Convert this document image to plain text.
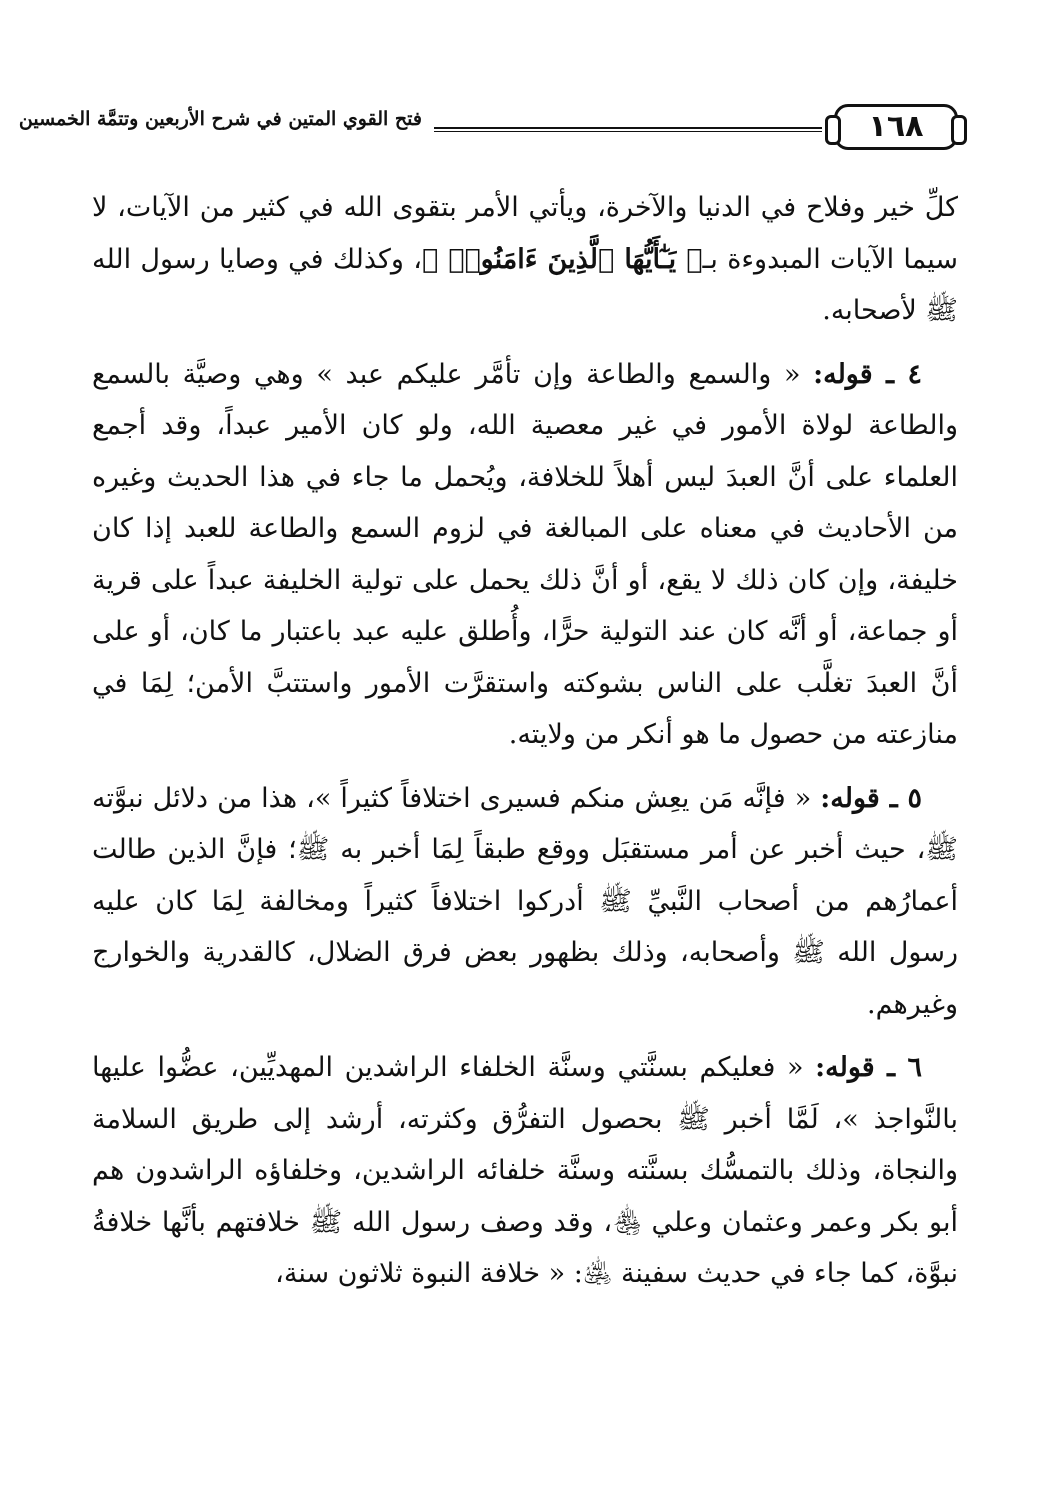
١٦٨
فتح القوي المتين في شرح الأربعين وتتمَّة الخمسين

كلِّ خير وفلاح في الدنيا والآخرة، ويأتي الأمر بتقوى الله في كثير من الآيات، لا سيما الآيات المبدوءة بـ﴿ يَـٰٓأَيُّهَا ٱلَّذِينَ ءَامَنُوا۟ ﴾، وكذلك في وصايا رسول الله ﷺ لأصحابه.

٤ ـ قوله: « والسمع والطاعة وإن تأمَّر عليكم عبد » وهي وصيَّة بالسمع والطاعة لولاة الأمور في غير معصية الله، ولو كان الأمير عبداً، وقد أجمع العلماء على أنَّ العبدَ ليس أهلاً للخلافة، ويُحمل ما جاء في هذا الحديث وغيره من الأحاديث في معناه على المبالغة في لزوم السمع والطاعة للعبد إذا كان خليفة، وإن كان ذلك لا يقع، أو أنَّ ذلك يحمل على تولية الخليفة عبداً على قرية أو جماعة، أو أنَّه كان عند التولية حرًّا، وأُطلق عليه عبد باعتبار ما كان، أو على أنَّ العبدَ تغلَّب على الناس بشوكته واستقرَّت الأمور واستتبَّ الأمن؛ لِمَا في منازعته من حصول ما هو أنكر من ولايته.

٥ ـ قوله: « فإنَّه مَن يعِش منكم فسيرى اختلافاً كثيراً »، هذا من دلائل نبوَّته ﷺ، حيث أخبر عن أمر مستقبَل ووقع طبقاً لِمَا أخبر به ﷺ؛ فإنَّ الذين طالت أعمارُهم من أصحاب النَّبيِّ ﷺ أدركوا اختلافاً كثيراً ومخالفة لِمَا كان عليه رسول الله ﷺ وأصحابه، وذلك بظهور بعض فرق الضلال، كالقدرية والخوارج وغيرهم.

٦ ـ قوله: « فعليكم بسنَّتي وسنَّة الخلفاء الراشدين المهديِّين، عضُّوا عليها بالنَّواجذ »، لَمَّا أخبر ﷺ بحصول التفرُّق وكثرته، أرشد إلى طريق السلامة والنجاة، وذلك بالتمسُّك بسنَّته وسنَّة خلفائه الراشدين، وخلفاؤه الراشدون هم أبو بكر وعمر وعثمان وعلي ﵃، وقد وصف رسول الله ﷺ خلافتهم بأنَّها خلافةُ نبوَّة، كما جاء في حديث سفينة ﵁: « خلافة النبوة ثلاثون سنة،
